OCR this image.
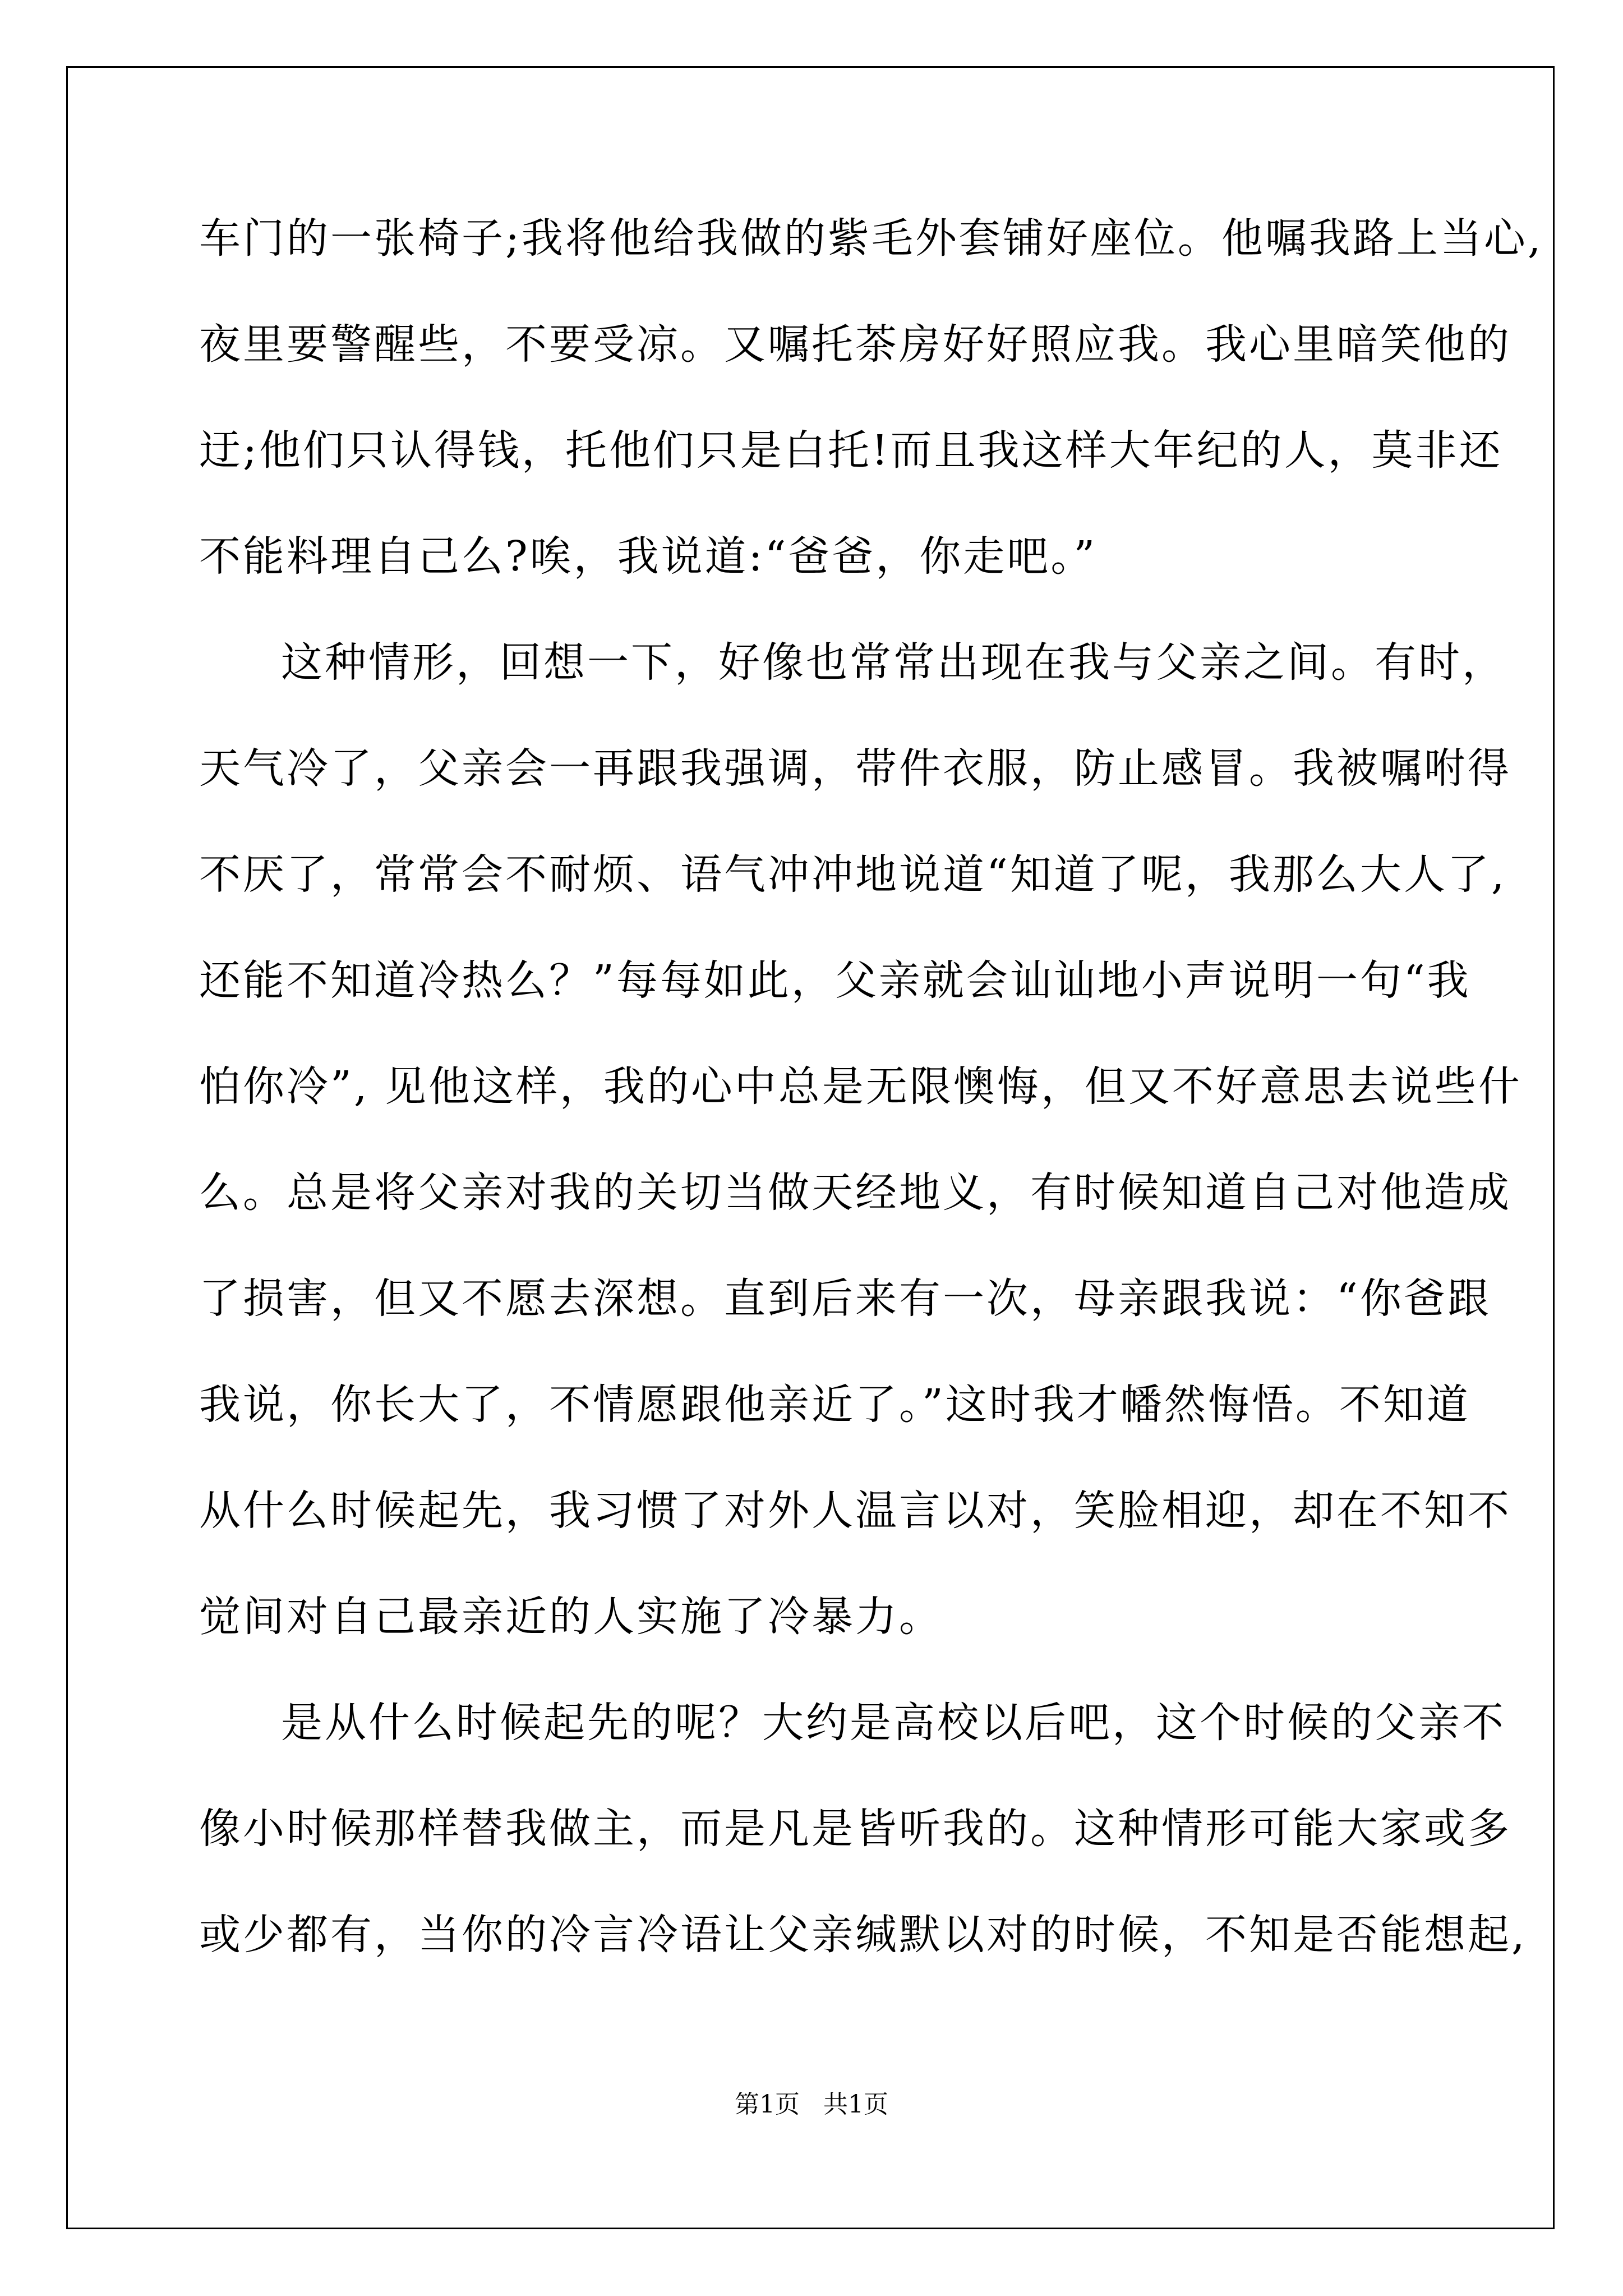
车门的一张椅子;我将他给我做的紫毛外套铺好座位。他嘱我路上当心,
夜里要警醒些，不要受凉。又嘱托茶房好好照应我。我心里暗笑他的
迂;他们只认得钱，托他们只是白托!而且我这样大年纪的人，莫非还
不能料理自己么?唉，我说道:“爸爸，你走吧。”
这种情形，回想一下，好像也常常出现在我与父亲之间。有时，
天气冷了，父亲会一再跟我强调，带件衣服，防止感冒。我被嘱咐得
不厌了，常常会不耐烦、语气冲冲地说道“知道了呢，我那么大人了,
还能不知道冷热么？”每每如此，父亲就会讪讪地小声说明一句“我
怕你冷”, 见他这样，我的心中总是无限懊悔，但又不好意思去说些什
么。总是将父亲对我的关切当做天经地义，有时候知道自己对他造成
了损害，但又不愿去深想。直到后来有一次，母亲跟我说：“你爸跟
我说，你长大了，不情愿跟他亲近了。”这时我才幡然悔悟。不知道
从什么时候起先，我习惯了对外人温言以对，笑脸相迎，却在不知不
觉间对自己最亲近的人实施了冷暴力。
是从什么时候起先的呢？大约是高校以后吧，这个时候的父亲不
像小时候那样替我做主，而是凡是皆听我的。这种情形可能大家或多
或少都有，当你的冷言冷语让父亲缄默以对的时候，不知是否能想起,
第1页 共1页
